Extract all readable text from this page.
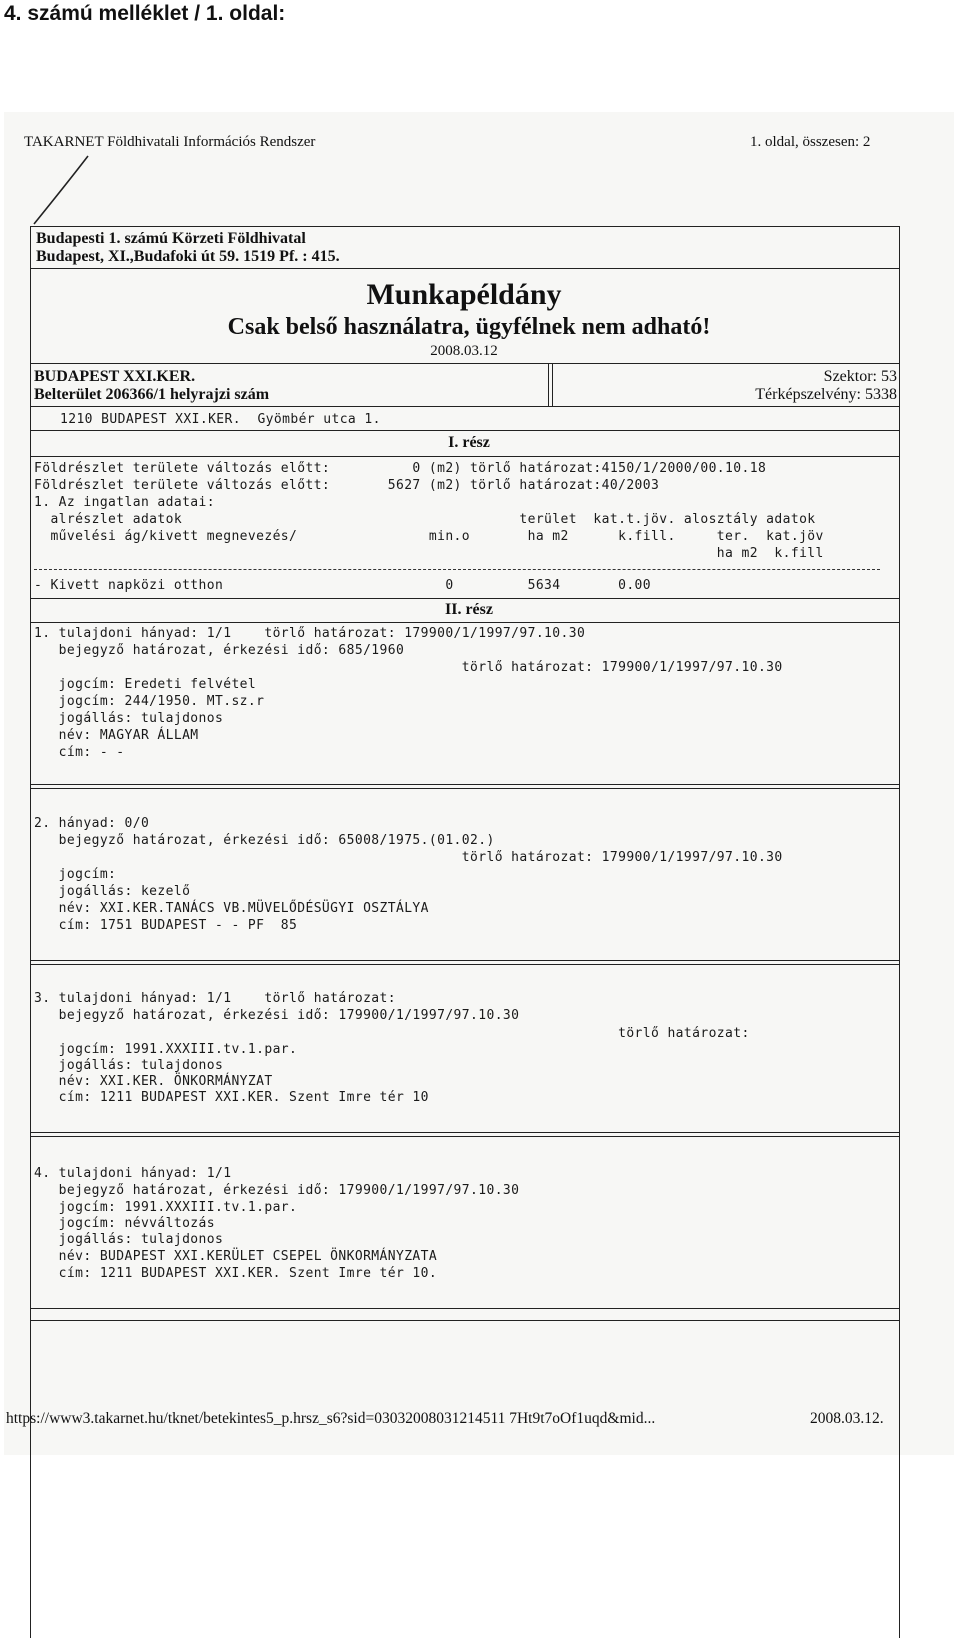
4. számú melléklet / 1. oldal:
TAKARNET Földhivatali Információs Rendszer	1. oldal, összesen: 2
Budapesti 1. számú Körzeti Földhivatal
Budapest, XI.,Budafoki út 59. 1519 Pf. : 415.
Munkapéldány
Csak belső használatra, ügyfélnek nem adható!
2008.03.12
BUDAPEST XXI.KER.
Belterület 206366/1 helyrajzi szám
Szektor: 53
Térképszelvény: 5338
1210 BUDAPEST XXI.KER.  Gyömbér utca 1.
I. rész
Földrészlet területe változás előtt:          0 (m2) törlő határozat:4150/1/2000/00.10.18
Földrészlet területe változás előtt:       5627 (m2) törlő határozat:40/2003
1. Az ingatlan adatai:
alrészlet adatok                                         terület  kat.t.jöv. alosztály adatok
művelési ág/kivett megnevezés/                min.o       ha m2      k.fill.     ter.  kat.jöv
ha m2  k.fill
- Kivett napközi otthon                           0         5634       0.00
II. rész
1. tulajdoni hányad: 1/1    törlő határozat: 179900/1/1997/97.10.30
bejegyző határozat, érkezési idő: 685/1960
törlő határozat: 179900/1/1997/97.10.30
jogcím: Eredeti felvétel
jogcím: 244/1950. MT.sz.r
jogállás: tulajdonos
név: MAGYAR ÁLLAM
cím: - -
2. hányad: 0/0
bejegyző határozat, érkezési idő: 65008/1975.(01.02.)
törlő határozat: 179900/1/1997/97.10.30
jogcím:
jogállás: kezelő
név: XXI.KER.TANÁCS VB.MÜVELŐDÉSÜGYI OSZTÁLYA
cím: 1751 BUDAPEST - - PF  85
3. tulajdoni hányad: 1/1    törlő határozat:
bejegyző határozat, érkezési idő: 179900/1/1997/97.10.30
törlő határozat:
jogcím: 1991.XXXIII.tv.1.par.
jogállás: tulajdonos
név: XXI.KER. ÖNKORMÁNYZAT
cím: 1211 BUDAPEST XXI.KER. Szent Imre tér 10
4. tulajdoni hányad: 1/1
bejegyző határozat, érkezési idő: 179900/1/1997/97.10.30
jogcím: 1991.XXXIII.tv.1.par.
jogcím: névváltozás
jogállás: tulajdonos
név: BUDAPEST XXI.KERÜLET CSEPEL ÖNKORMÁNYZATA
cím: 1211 BUDAPEST XXI.KER. Szent Imre tér 10.
https://www3.takarnet.hu/tknet/betekintes5_p.hrsz_s6?sid=03032008031214511 7Ht9t7oOf1uqd&mid...	2008.03.12.
